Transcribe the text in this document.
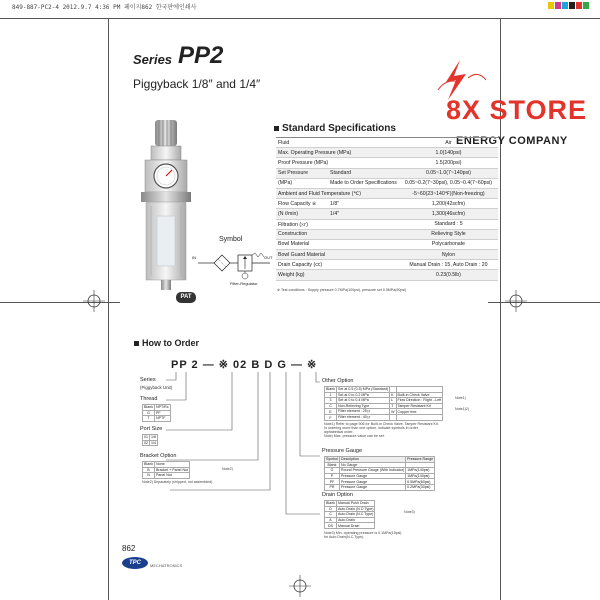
849-887-PC2-4 2012.9.7 4:36 PM 페이지862 한국판에인쇄사
Series PP2
Piggyback 1/8″ and 1/4″
8X STORE
ENERGY COMPANY
PAT
Symbol
IN	OUT
Filter-Regulator
Standard Specifications
Fluid		Air
Max. Operating Pressure (MPa)		1.0(140psi)
Proof Pressure (MPa)		1.5(200psi)
Set Pressure	Standard	0.05~1.0(7~140psi)
(MPa)	Made to Order Specifications	0.05~0.2(7~30psi), 0.05~0.4(7~60psi)
Ambient and Fluid Temperature (℃)		-5~60(23~140℉)(Non-freezing)
Flow Capacity ※	1/8″	1,200(42scfm)
(N ℓ/min)	1/4″	1,300(46scfm)
Filtration (㏛)		Standard : 5
Construction		Relieving Style
Bowl Material		Polycarbonate
Bowl Guard Material		Nylon
Drain Capacity (cc)		Manual Drain : 15, Auto Drain : 20
Weight (kg)		0.23(0.5lb)
※ Test conditions : Supply pressure 0.7MPa(100psi), pressure set 0.5MPa(90psi)
How to Order
PP 2 — ※ 02 B D G — ※
Series
(Piggyback Unit)
Thread
Blank	NPT/Rc
G	PF
T	NPTF
Port Size
01	1/8
02	1/4
Bracket Option
Blank	None
B	Bracket + Panel Nut
N	Panel Nut
Note2)
Note2) Separately (shipped, not assembled)
Other Option
Blank	Set at 0.5 (0.5) MPa (Standard)		
1	Set at 0 to 0.2 MPa	K	Built-in Check Valve
3	Set at 0 to 0.4 MPa	L	Flow Direction : Right→Left
C	Non-Relieving Type	T	Tamper Resistant Kit
E	Filter element : 25㏛	W	Copper free
F	Filter element : 40㏛		
Note1)
Note1)2)
Note1) Refer to page 906 for Built-in Check Valve, Tamper Resistant Kit.
In ordering more than one option, indicate symbols in order
alphabetical order.
Note) Max. pressure value can be set.
Pressure Gauge
Symbol	Description	Pressure Range
Blank	No Gauge	
G	Round Pressure Gauge (With Indicator)	1MPa(140psi)
P	Pressure Gauge	1MPa(140psi)
PF	Pressure Gauge	0.5MPa(60psi)
PR	Pressure Gauge	0.2MPa(30psi)
Drain Option
Blank	Manual Push Drain
D	Auto Drain (N.O Type)
C	Auto Drain (N.C Type)
A	Auto Drain
DS	Manual Drain
Note3)
Note3) Min. operating pressure is 0.1MPa(15psi)
for Auto Drain(N.C Type).
862
TPC	MECHATRONICS
